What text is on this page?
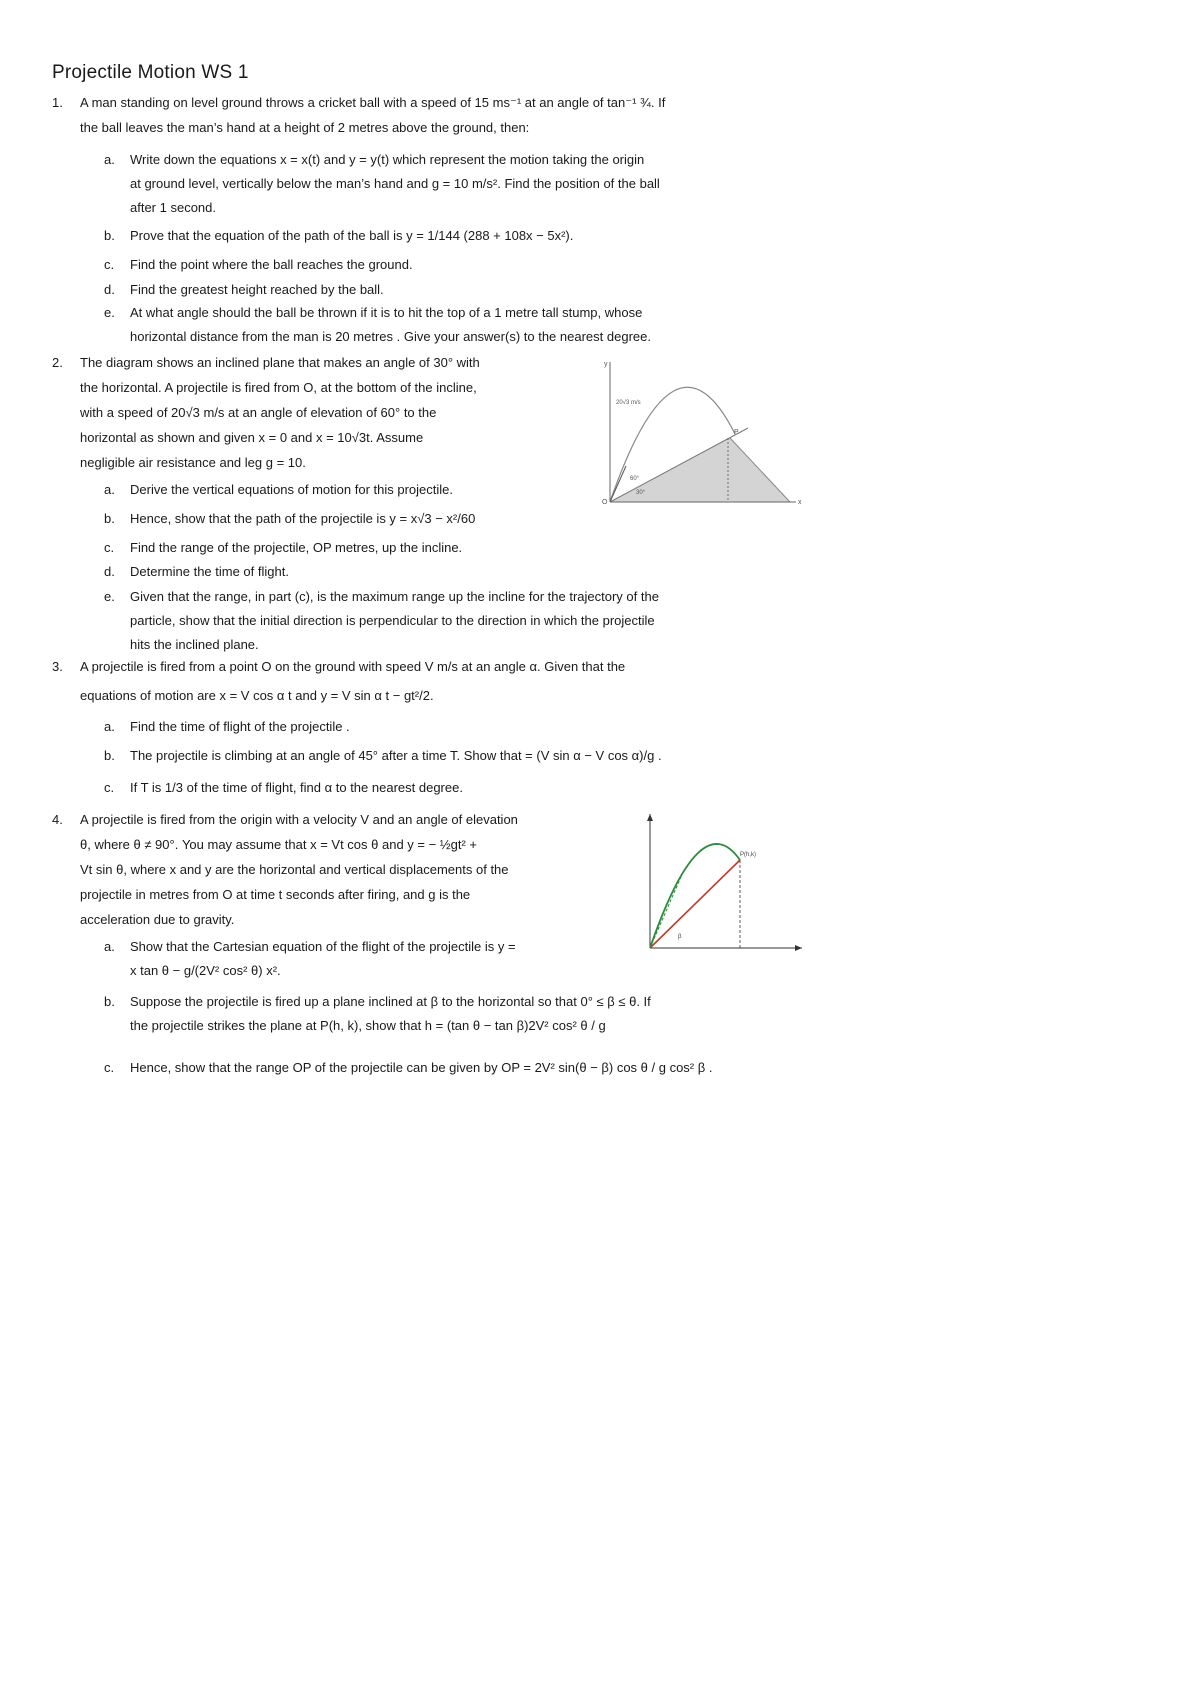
Projectile Motion WS 1
1.	A man standing on level ground throws a cricket ball with a speed of 15 ms⁻¹ at an angle of tan⁻¹ ¾. If
the ball leaves the man’s hand at a height of 2 metres above the ground, then:
a.	Write down the equations x = x(t) and y = y(t) which represent the motion taking the origin
at ground level, vertically below the man’s hand and g = 10 m/s². Find the position of the ball
after 1 second.
b.	Prove that the equation of the path of the ball is y = 1/144 (288 + 108x − 5x²).
c.	Find the point where the ball reaches the ground.
d.	Find the greatest height reached by the ball.
e.	At what angle should the ball be thrown if it is to hit the top of a 1 metre tall stump, whose
horizontal distance from the man is 20 metres . Give your answer(s) to the nearest degree.
2.	The diagram shows an inclined plane that makes an angle of 30° with
the horizontal. A projectile is fired from O, at the bottom of the incline,
with a speed of 20√3 m/s at an angle of elevation of 60° to the
horizontal as shown and given x = 0 and x = 10√3t. Assume
negligible air resistance and leg g = 10.
a.	Derive the vertical equations of motion for this projectile.
b.	Hence, show that the path of the projectile is y = x√3 − x²/60
c.	Find the range of the projectile, OP metres, up the incline.
d.	Determine the time of flight.
e.	Given that the range, in part (c), is the maximum range up the incline for the trajectory of the
particle, show that the initial direction is perpendicular to the direction in which the projectile
hits the inclined plane.
y
x
O
20√3 m/s
60°
30°
P
3.	A projectile is fired from a point O on the ground with speed V m/s at an angle α. Given that the
equations of motion are x = V cos α t and y = V sin α t − gt²/2.
a.	Find the time of flight of the projectile .
b.	The projectile is climbing at an angle of 45° after a time T. Show that = (V sin α − V cos α)/g .
c.	If T is 1/3 of the time of flight, find α to the nearest degree.
4.	A projectile is fired from the origin with a velocity V and an angle of elevation
θ, where θ ≠ 90°. You may assume that x = Vt cos θ and y = − ½gt² +
Vt sin θ, where x and y are the horizontal and vertical displacements of the
projectile in metres from O at time t seconds after firing, and g is the
acceleration due to gravity.
a.	Show that the Cartesian equation of the flight of the projectile is y =
x tan θ − g/(2V² cos² θ) x².
b.	Suppose the projectile is fired up a plane inclined at β to the horizontal so that 0° ≤ β ≤ θ. If
the projectile strikes the plane at P(h, k), show that h = (tan θ − tan β)2V² cos² θ / g
c.	Hence, show that the range OP of the projectile can be given by OP = 2V² sin(θ − β) cos θ / g cos² β .
P(h,k)
β
